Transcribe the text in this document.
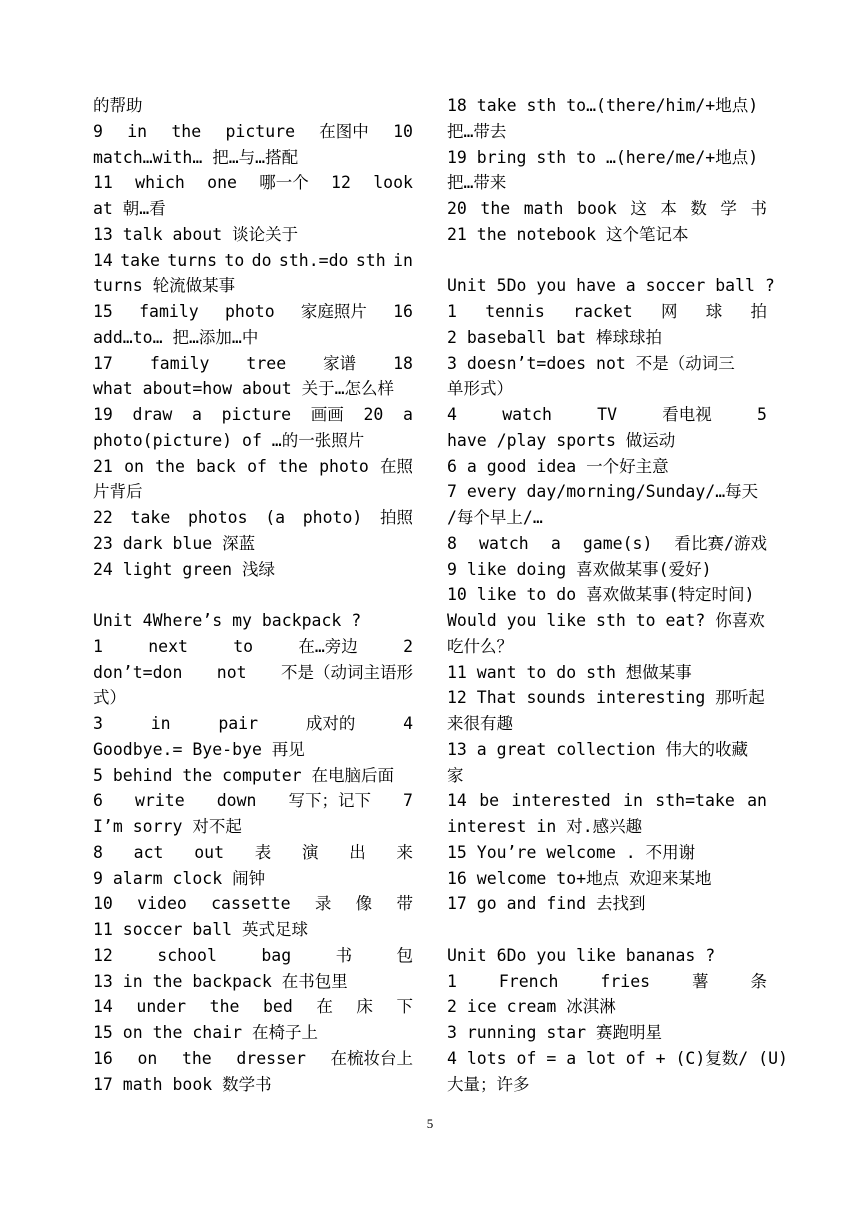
的帮助
9 in the picture 在图中 10
match…with… 把…与…搭配
11 which one 哪一个 12 look
at 朝…看
13 talk about 谈论关于
14 take turns to do sth.=do sth in
turns 轮流做某事
15 family photo 家庭照片 16
add…to… 把…添加…中
17 family tree 家谱 18
what about=how about 关于…怎么样
19 draw a picture 画画 20 a
photo(picture) of …的一张照片
21 on the back of the photo 在照
片背后
22 take photos (a photo) 拍照
23 dark blue 深蓝
24 light green 浅绿
Unit 4Where’s my backpack ?
1	next	to	在…旁边	2
don’t=don not 不是（动词主语形
式）
3	in	pair	成对的	4
Goodbye.= Bye-bye 再见
5 behind the computer 在电脑后面
6 write down 写下；记下 7
I’m sorry 对不起
8 act out 表 演 出 来
9 alarm clock 闹钟
10 video cassette 录 像 带
11 soccer ball 英式足球
12	school	bag	书	包
13 in the backpack 在书包里
14 under the bed 在 床 下
15 on the chair 在椅子上
16 on the dresser 在梳妆台上
17 math book 数学书
18 take sth to…(there/him/+地点)
把…带去
19 bring sth to …(here/me/+地点)
把…带来
20 the math book 这 本 数 学 书
21 the notebook 这个笔记本
Unit 5Do you have a soccer ball ?
1 tennis racket 网 球 拍
2 baseball bat 棒球球拍
3 doesn’t=does not 不是（动词三
单形式）
4	watch	TV	看电视	5
have /play sports 做运动
6 a good idea 一个好主意
7 every day/morning/Sunday/…每天
/每个早上/…
8 watch a game(s) 看比赛/游戏
9 like doing 喜欢做某事(爱好)
10 like to do 喜欢做某事(特定时间)
Would you like sth to eat? 你喜欢
吃什么？
11 want to do sth 想做某事
12 That sounds interesting 那听起
来很有趣
13 a great collection 伟大的收藏
家
14 be interested in sth=take an
interest in 对.感兴趣
15 You’re welcome . 不用谢
16 welcome to+地点 欢迎来某地
17 go and find 去找到
Unit 6Do you like bananas ?
1	French	fries	薯	条
2 ice cream 冰淇淋
3 running star 赛跑明星
4 lots of = a lot of + (C)复数/ (U)
大量；许多
5
